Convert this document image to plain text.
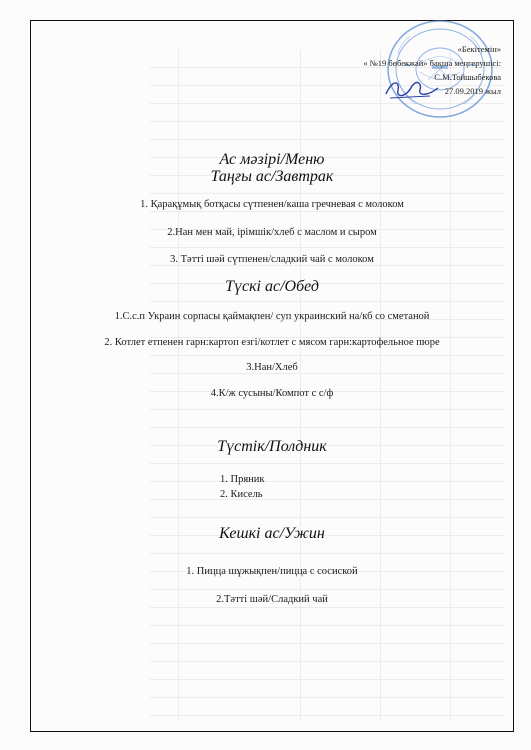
«Бекітемін»
« №19 бөбекжай» бақша меңгерушісі:
С.М.Тойшыбекова
27.09.2019 жыл
Ас мәзірі/Меню
Таңғы ас/Завтрак
1. Қарақұмық ботқасы сүтпенен/каша гречневая с молоком
2.Нан мен май, ірімшік/хлеб с маслом и сыром
3. Тәтті шәй сүтпенен/сладкий чай с молоком
Түскі ас/Обед
1.С.с.п Украин сорпасы қаймақпен/ суп украинский на/кб со сметаной
2. Котлет етпенен гарн:картоп езгі/котлет с мясом гарн:картофельное пюре
3.Нан/Хлеб
4.К/ж сусыны/Компот с с/ф
Түстік/Полдник
1. Пряник
2. Кисель
Кешкі ас/Ужин
1. Пицца шұжықпен/пицца с сосиской
2.Тәтті шәй/Сладкий чай
